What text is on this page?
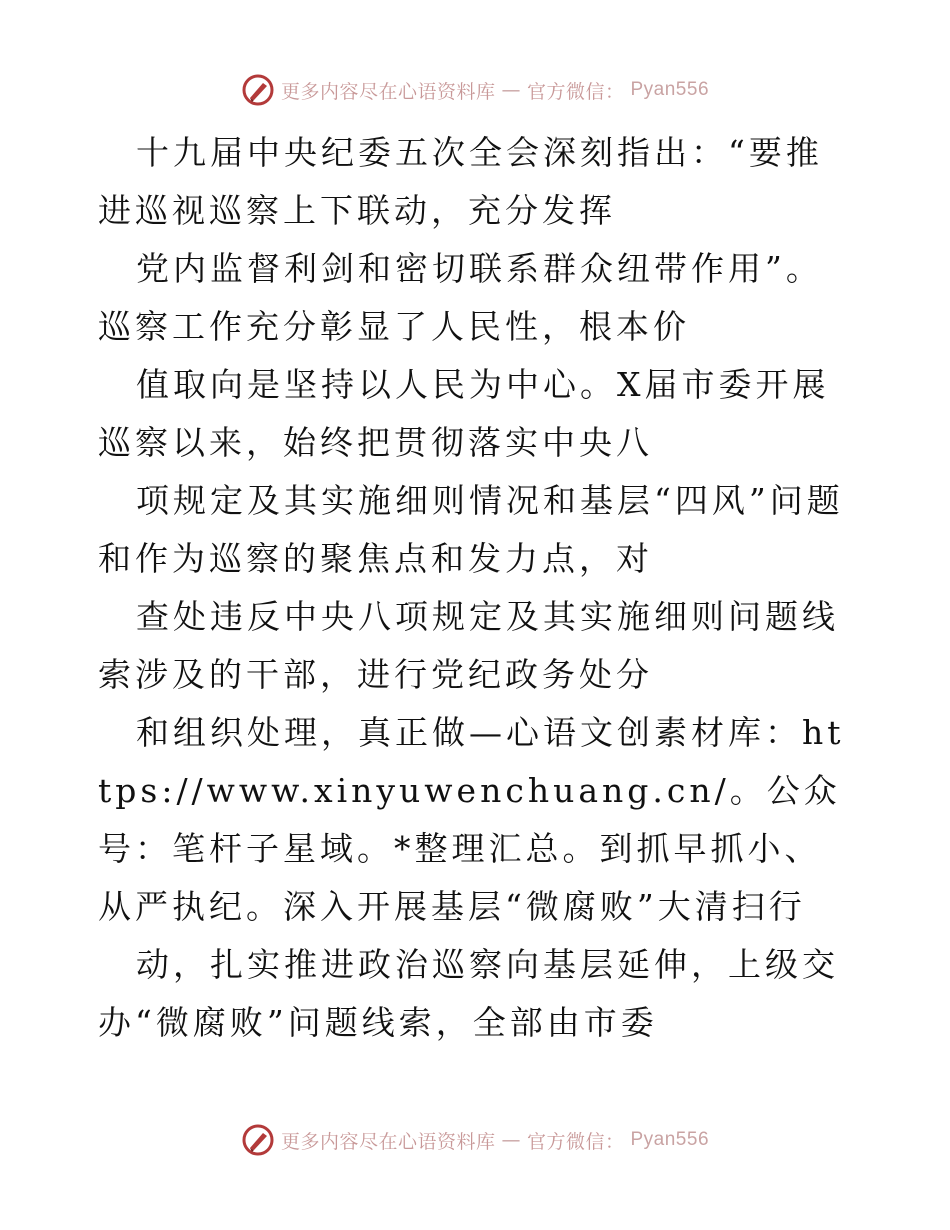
更多内容尽在心语资料库 — 官方微信： Pyan556

十九届中央纪委五次全会深刻指出：“要推进巡视巡察上下联动，充分发挥

党内监督利剑和密切联系群众纽带作用”。巡察工作充分彰显了人民性，根本价

值取向是坚持以人民为中心。X届市委开展巡察以来，始终把贯彻落实中央八

项规定及其实施细则情况和基层“四风”问题和作为巡察的聚焦点和发力点，对

查处违反中央八项规定及其实施细则问题线索涉及的干部，进行党纪政务处分

和组织处理，真正做—心语文创素材库：https://www.xinyuwenchuang.cn/。公众号：笔杆子星域。*整理汇总。到抓早抓小、从严执纪。深入开展基层“微腐败”大清扫行

动，扎实推进政治巡察向基层延伸，上级交办“微腐败”问题线索，全部由市委

更多内容尽在心语资料库 — 官方微信： Pyan556
